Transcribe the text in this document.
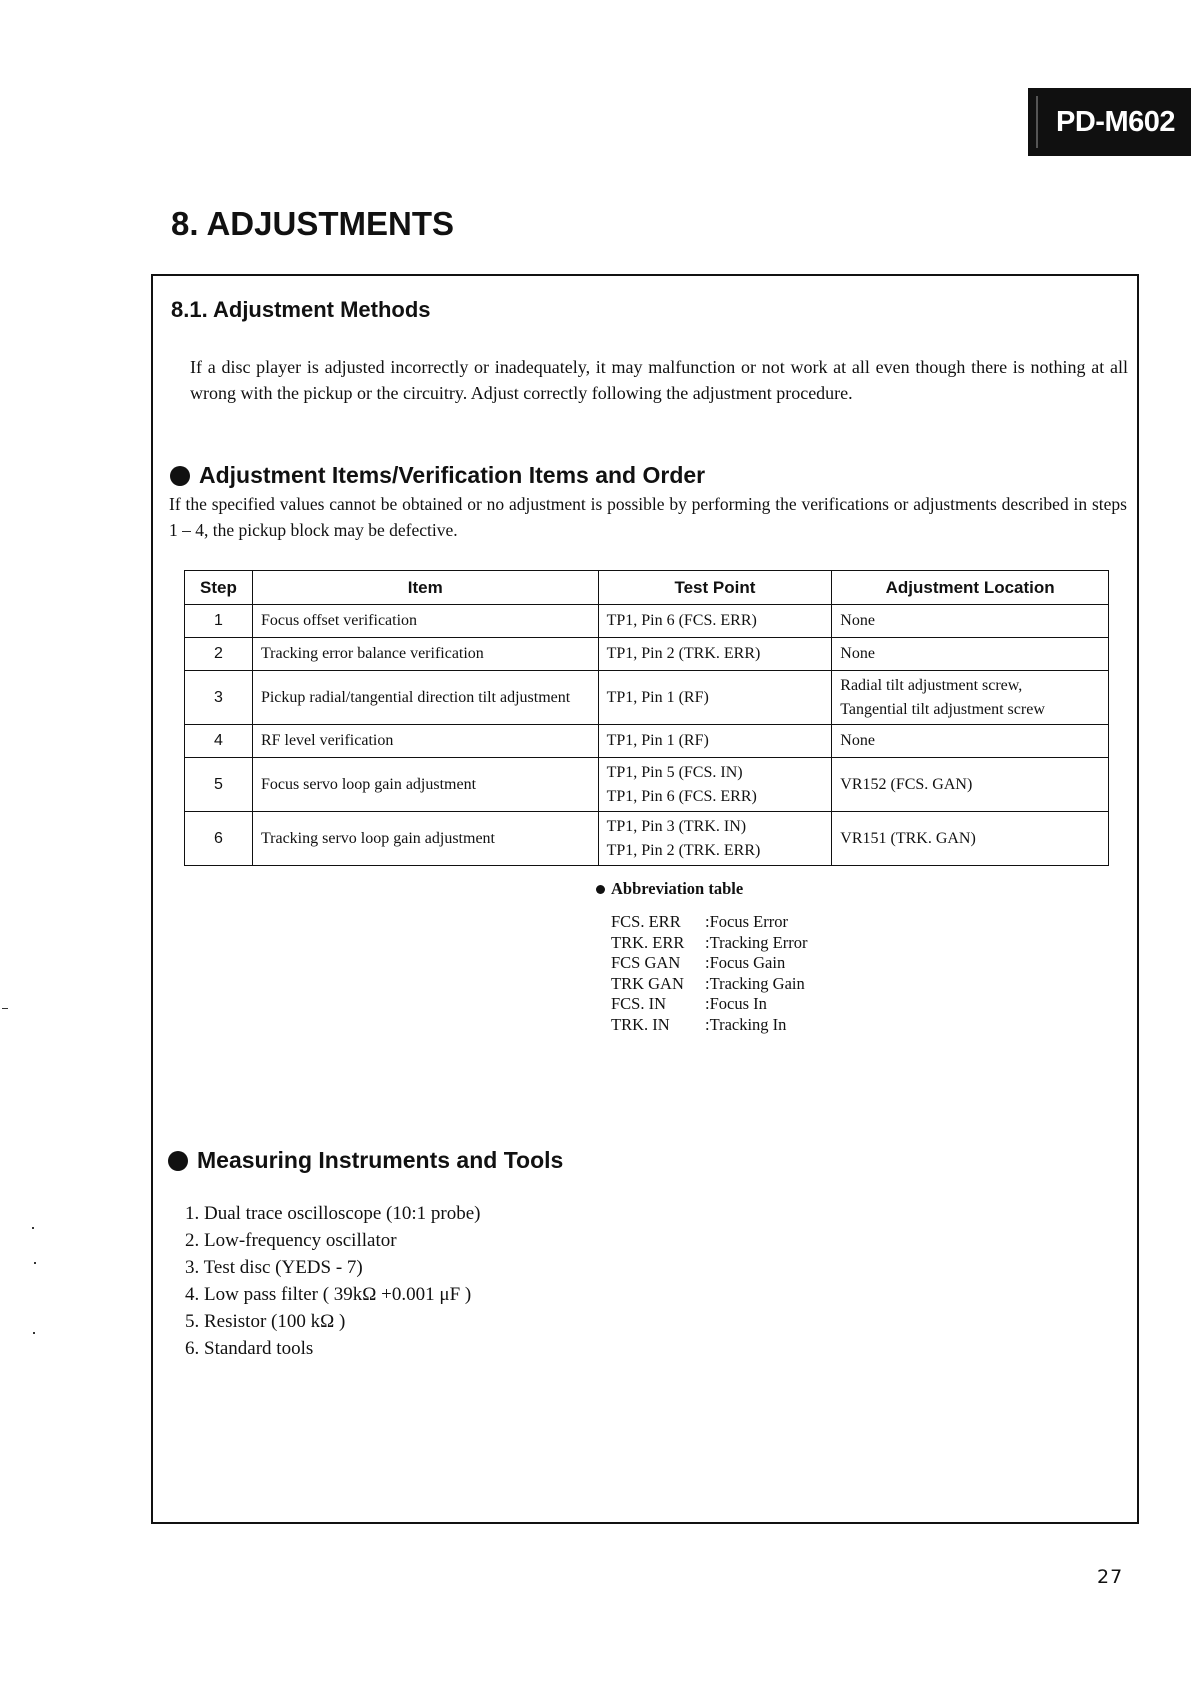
PD-M602
8. ADJUSTMENTS
8.1. Adjustment Methods

If a disc player is adjusted incorrectly or inadequately, it may malfunction or not work at all even though there is nothing at all wrong with the pickup or the circuitry. Adjust correctly following the adjustment procedure.

Adjustment Items/Verification Items and Order

If the specified values cannot be obtained or no adjustment is possible by performing the verifications or adjustments described in steps 1 – 4, the pickup block may be defective.

Step	Item	Test Point	Adjustment Location
1	Focus offset verification	TP1, Pin 6 (FCS. ERR)	None

2	Tracking error balance verification	TP1, Pin 2 (TRK. ERR)	None

3	Pickup radial/tangential direction tilt adjustment	TP1, Pin 1 (RF)	Radial tilt adjustment screw,
Tangential tilt adjustment screw

4	RF level verification	TP1, Pin 1 (RF)	None

5	Focus servo loop gain adjustment	TP1, Pin 5 (FCS. IN)
TP1, Pin 6 (FCS. ERR)	VR152 (FCS. GAN)

6	Tracking servo loop gain adjustment	TP1, Pin 3 (TRK. IN)
TP1, Pin 2 (TRK. ERR)	VR151 (TRK. GAN)
Abbreviation table
FCS. ERR	:Focus Error
TRK. ERR	:Tracking Error
FCS GAN	:Focus Gain
TRK GAN	:Tracking Gain
FCS. IN	:Focus In
TRK. IN	:Tracking In
Measuring Instruments and Tools
1. Dual trace oscilloscope (10:1 probe)
2. Low-frequency oscillator
3. Test disc (YEDS - 7)
4. Low pass filter ( 39kΩ +0.001 μF )
5. Resistor (100 kΩ )
6. Standard tools
27
